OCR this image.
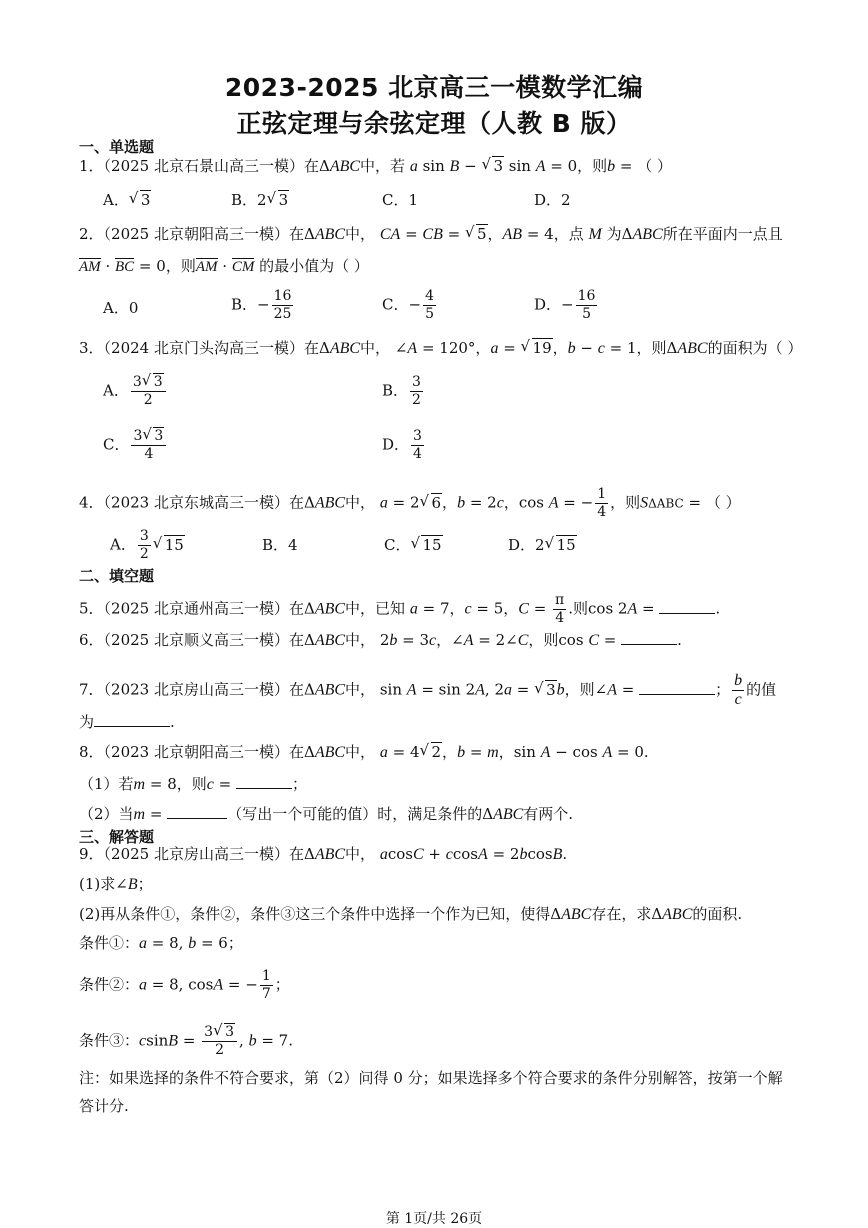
2023-2025 北京高三一模数学汇编
正弦定理与余弦定理（人教 B 版）
一、单选题
1．（2025 北京石景山高三一模）在ΔABC中，若 a sin B − √ 3 sin A = 0，则b = （ ）
A． √ 3	B．2 √ 3	C．1	D．2
2．（2025 北京朝阳高三一模）在ΔABC中， CA = CB = √ 5，AB = 4，点 M 为ΔABC所在平面内一点且
AM · BC = 0，则AM · CM 的最小值为（ ）
A．0	B．− $\frac{16}{25}$	C．− $\frac{4}{5}$	D．− $\frac{16}{5}$
3．（2024 北京门头沟高三一模）在ΔABC中， ∠A = 120°，a = √ 19，b − c = 1，则ΔABC的面积为（ ）
A． $\frac{3 √ 3}{2}$	B． $\frac{3}{2}$
C． $\frac{3 √ 3}{4}$	D． $\frac{3}{4}$
4．（2023 北京东城高三一模）在ΔABC中， a = 2 √ 6，b = 2c，cos A = − $\frac{1}{4}$ ，则SΔABC = （ ）
A． $\frac{3}{2}$ √ 15	B．4	C． √ 15	D．2 √ 15
二、填空题
5．（2025 北京通州高三一模）在ΔABC中，已知 a = 7，c = 5，$C = \frac{\pi}{4}$ .则cos 2A =	.
6．（2025 北京顺义高三一模）在ΔABC中， 2b = 3c，∠A = 2∠C，则cos C =	.
7．（2023 北京房山高三一模）在ΔABC中， sin A = sin 2A, 2a = √ 3b，则∠A =	； $\frac{b}{c}$ 的值
为	.
8．（2023 北京朝阳高三一模）在ΔABC中， a = 4 √ 2，b = m，sin A − cos A = 0.
（1）若m = 8，则c =	；
（2）当m =	（写出一个可能的值）时，满足条件的ΔABC有两个.
三、解答题
9．（2025 北京房山高三一模）在ΔABC中， acosC + ccosA = 2bcosB.
(1)求∠B；
(2)再从条件①，条件②，条件③这三个条件中选择一个作为已知，使得ΔABC存在，求ΔABC的面积.
条件①：a = 8, b = 6；
条件②：a = 8, cosA = − $\frac{1}{7}$ ；
条件③：$csinB = \frac{3 √ 3}{2}$ , b = 7.
注：如果选择的条件不符合要求，第（2）问得 0 分；如果选择多个符合要求的条件分别解答，按第一个解
答计分.
第 1页/共 26页
